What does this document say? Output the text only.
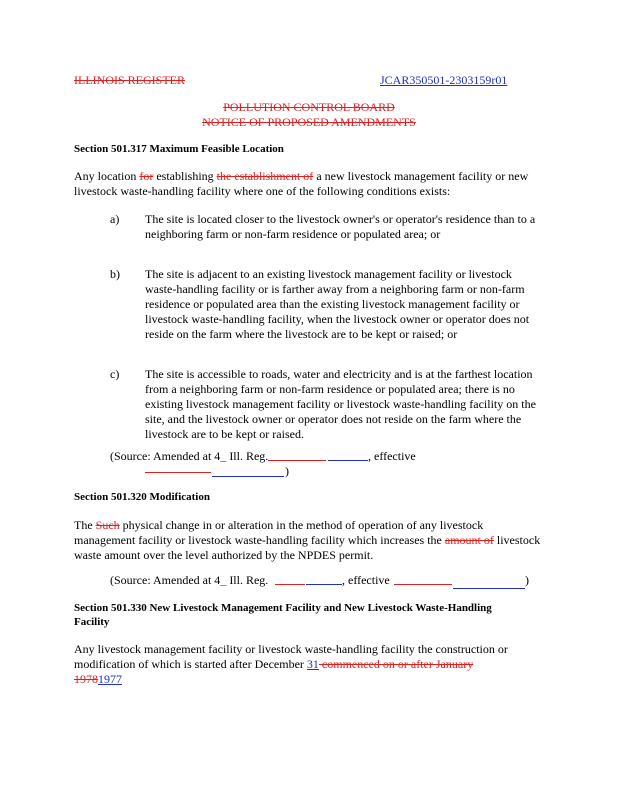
ILLINOIS REGISTER	JCAR350501-2303159r01
POLLUTION CONTROL BOARD
NOTICE OF PROPOSED AMENDMENTS
Section 501.317 Maximum Feasible Location
Any location for establishing the establishment of a new livestock management facility or new
livestock waste-handling facility where one of the following conditions exists:
a) The site is located closer to the livestock owner's or operator's residence than to a
neighboring farm or non-farm residence or populated area; or
b) The site is adjacent to an existing livestock management facility or livestock
waste-handling facility or is farther away from a neighboring farm or non-farm
residence or populated area than the existing livestock management facility or
livestock waste-handling facility, when the livestock owner or operator does not
reside on the farm where the livestock are to be kept or raised; or
c) The site is accessible to roads, water and electricity and is at the farthest location
from a neighboring farm or non-farm residence or populated area; there is no
existing livestock management facility or livestock waste-handling facility on the
site, and the livestock owner or operator does not reside on the farm where the
livestock are to be kept or raised.
(Source: Amended at 4_ Ill. Reg.	, effective
)
Section 501.320 Modification
The Such physical change in or alteration in the method of operation of any livestock
management facility or livestock waste-handling facility which increases the amount of livestock
waste amount over the level authorized by the NPDES permit.
(Source: Amended at 4_ Ill. Reg.	, effective	)
Section 501.330 New Livestock Management Facility and New Livestock Waste-Handling
Facility
Any livestock management facility or livestock waste-handling facility the construction or
modification of which is started after December 31 commenced on or after January
19781977
